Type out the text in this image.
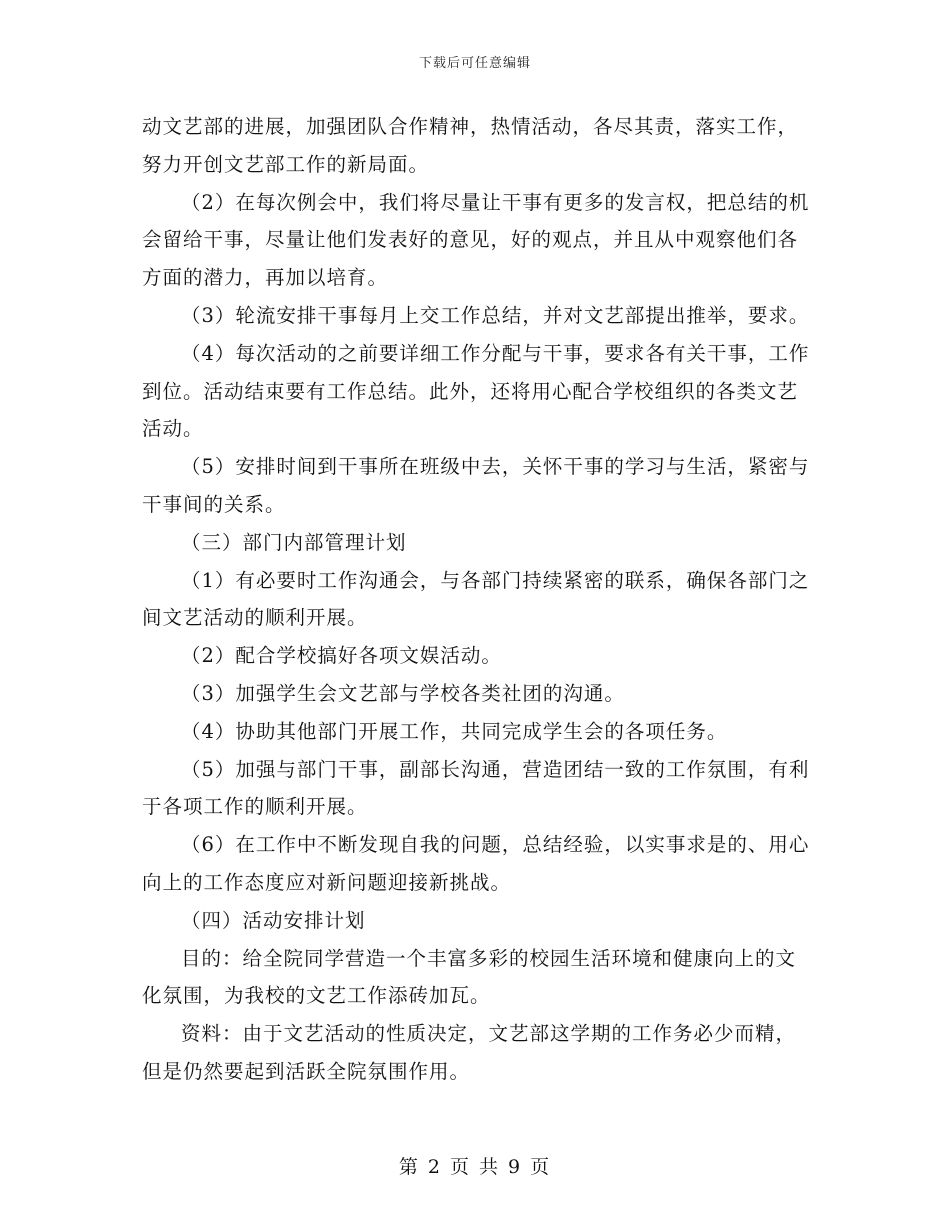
下载后可任意编辑

动文艺部的进展，加强团队合作精神，热情活动，各尽其责，落实工作，努力开创文艺部工作的新局面。

（2）在每次例会中，我们将尽量让干事有更多的发言权，把总结的机会留给干事，尽量让他们发表好的意见，好的观点，并且从中观察他们各方面的潜力，再加以培育。

（3）轮流安排干事每月上交工作总结，并对文艺部提出推举，要求。

（4）每次活动的之前要详细工作分配与干事，要求各有关干事，工作到位。活动结束要有工作总结。此外，还将用心配合学校组织的各类文艺活动。

（5）安排时间到干事所在班级中去，关怀干事的学习与生活，紧密与干事间的关系。

（三）部门内部管理计划

（1）有必要时工作沟通会，与各部门持续紧密的联系，确保各部门之间文艺活动的顺利开展。

（2）配合学校搞好各项文娱活动。

（3）加强学生会文艺部与学校各类社团的沟通。

（4）协助其他部门开展工作，共同完成学生会的各项任务。

（5）加强与部门干事，副部长沟通，营造团结一致的工作氛围，有利于各项工作的顺利开展。

（6）在工作中不断发现自我的问题，总结经验，以实事求是的、用心向上的工作态度应对新问题迎接新挑战。

（四）活动安排计划

目的：给全院同学营造一个丰富多彩的校园生活环境和健康向上的文化氛围，为我校的文艺工作添砖加瓦。

资料：由于文艺活动的性质决定，文艺部这学期的工作务必少而精，但是仍然要起到活跃全院氛围作用。

第 2 页 共 9 页
